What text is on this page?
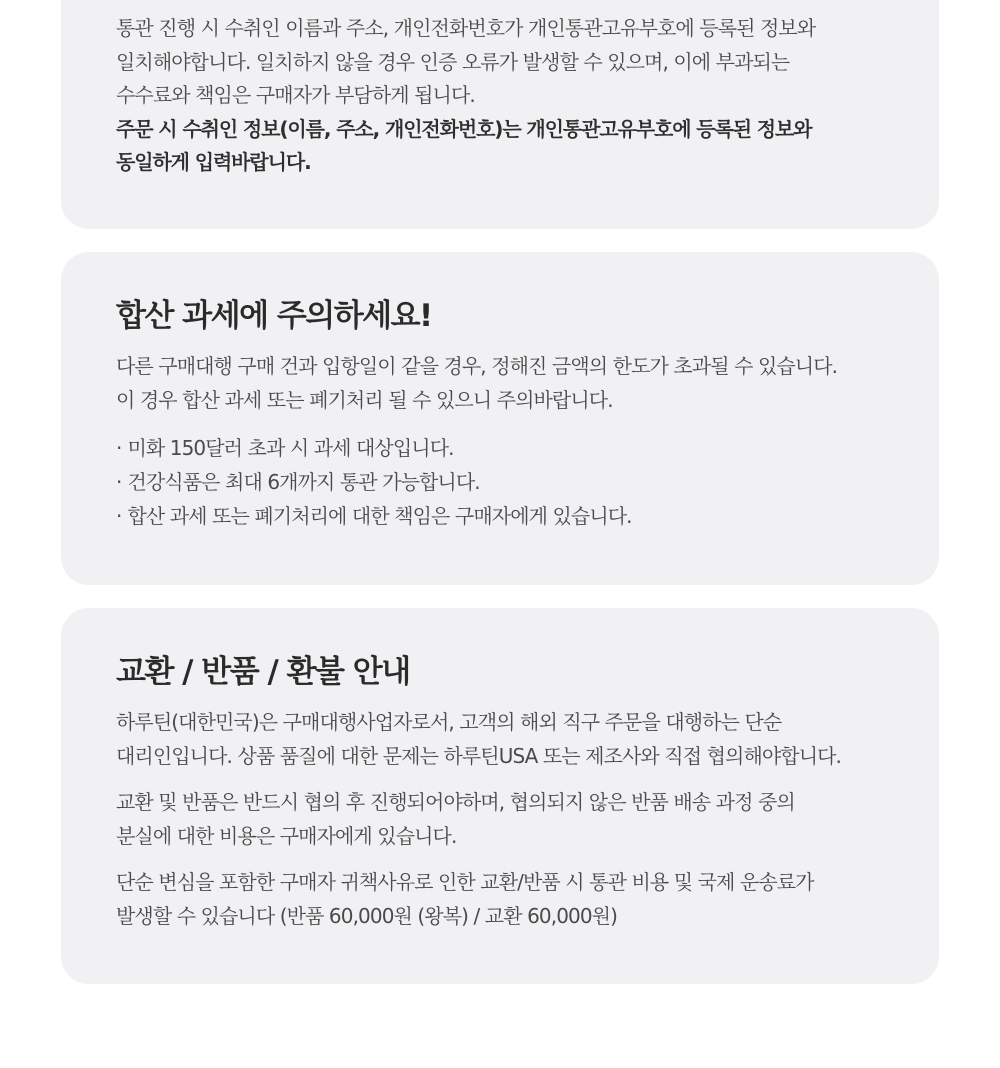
통관 진행 시 수취인 이름과 주소, 개인전화번호가 개인통관고유부호에 등록된 정보와
일치해야합니다. 일치하지 않을 경우 인증 오류가 발생할 수 있으며, 이에 부과되는
수수료와 책임은 구매자가 부담하게 됩니다.

주문 시 수취인 정보(이름, 주소, 개인전화번호)는 개인통관고유부호에 등록된 정보와
동일하게 입력바랍니다.

합산 과세에 주의하세요!

다른 구매대행 구매 건과 입항일이 같을 경우, 정해진 금액의 한도가 초과될 수 있습니다.
이 경우 합산 과세 또는 폐기처리 될 수 있으니 주의바랍니다.

· 미화 150달러 초과 시 과세 대상입니다.
· 건강식품은 최대 6개까지 통관 가능합니다.
· 합산 과세 또는 폐기처리에 대한 책임은 구매자에게 있습니다.
교환 / 반품 / 환불 안내

하루틴(대한민국)은 구매대행사업자로서, 고객의 해외 직구 주문을 대행하는 단순
대리인입니다. 상품 품질에 대한 문제는 하루틴USA 또는 제조사와 직접 협의해야합니다.

교환 및 반품은 반드시 협의 후 진행되어야하며, 협의되지 않은 반품 배송 과정 중의
분실에 대한 비용은 구매자에게 있습니다.

단순 변심을 포함한 구매자 귀책사유로 인한 교환/반품 시 통관 비용 및 국제 운송료가
발생할 수 있습니다 (반품 60,000원 (왕복) / 교환 60,000원)
